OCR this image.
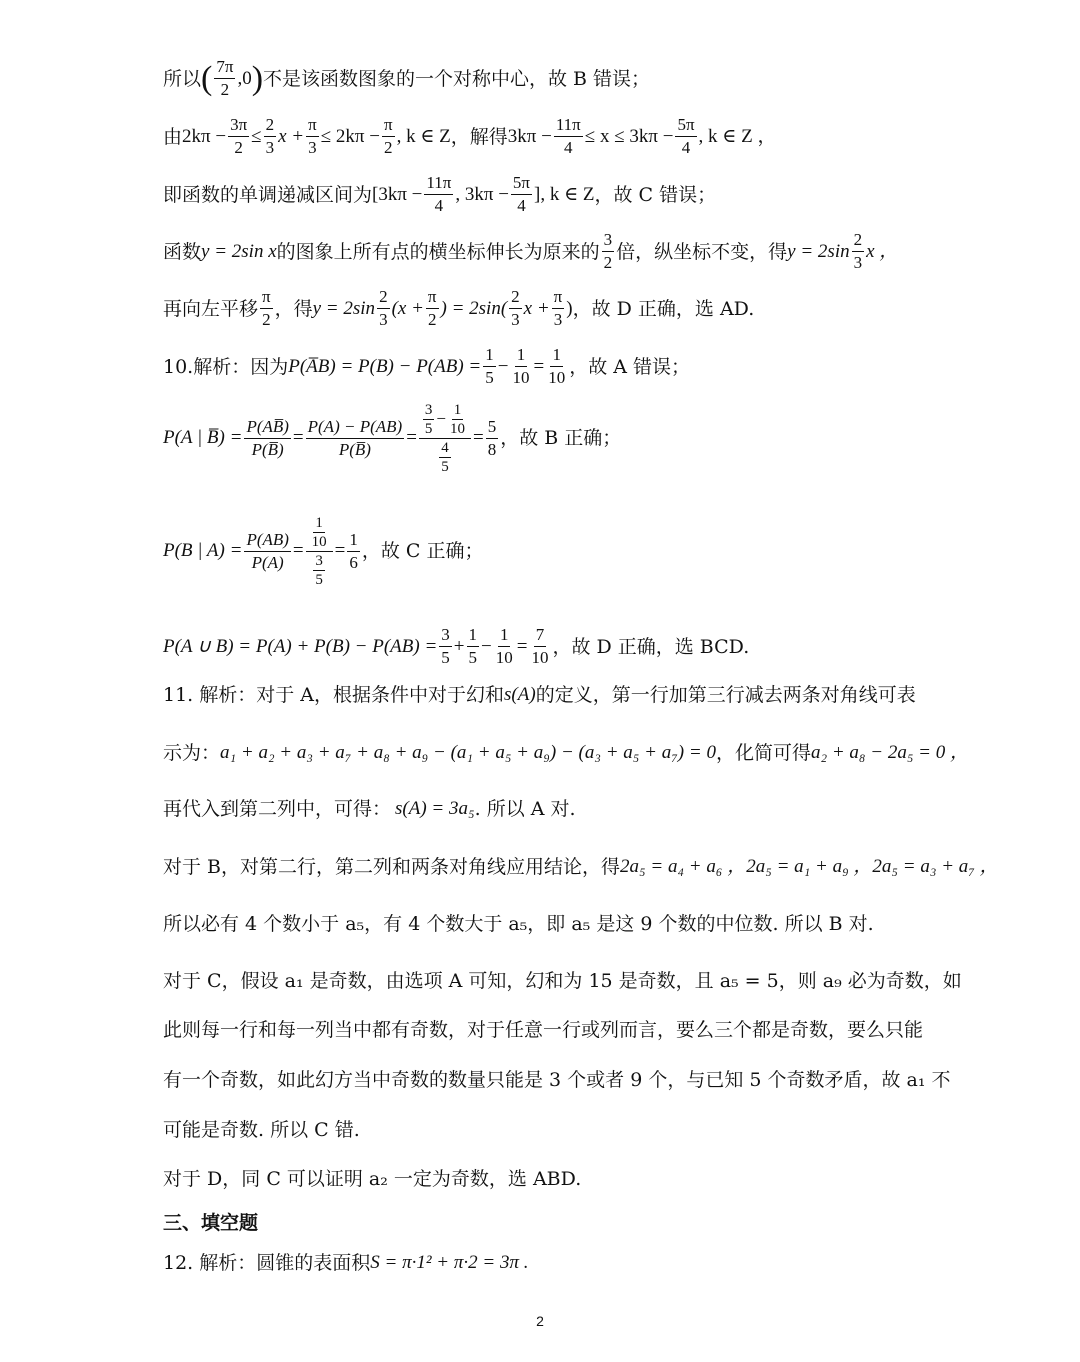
所以 ( $\frac{7\pi}{2} ,0$ ) 不是该函数图象的一个对称中心，故 B 错误；
由 $2k\pi - \frac{3\pi}{2} \le \frac{2}{3}$ $x + \frac{\pi}{3} \le 2k\pi - \frac{\pi}{2}$ , k ∈ Z ，解得 $3k\pi - \frac{11\pi}{4} \le x \le 3k\pi - \frac{5\pi}{4}$ , k ∈ Z ，
即函数的单调递减区间为 [$3k\pi - \frac{11\pi}{4}$ , $3k\pi - \frac{5\pi}{4}$ ], k ∈ Z ，故 C 错误；
函数 y = 2sin x 的图象上所有点的横坐标伸长为原来的 $\frac{3}{2}$ 倍，纵坐标不变，得 $y = 2\sin \frac{2}{3}$ x ，
再向左平移 $\frac{\pi}{2}$ ，得 $y = 2\sin \frac{2}{3} (x + \frac{\pi}{2}$ ) = $2\sin( \frac{2}{3}$ $x + \frac{\pi}{3}$ ) ，故 D 正确，选 AD.
10.解析：因为 P(A̅B) = $P(B) - P(AB) = \frac{1}{5} - \frac{1}{10} = \frac{1}{10}$ ，故 A 错误；
P(A | B̅) = $\frac{P(AB̅)}{P(B̅)} = \frac{P(A) - P(AB)}{P(B̅)} = \frac{\frac{3}{5} - \frac{1}{10}}{\frac{4}{5}} = \frac{5}{8}$ ，故 B 正确；
P(B | $A) = \frac{P(AB)}{P(A)} = \frac{\frac{1}{10}}{\frac{3}{5}} = \frac{1}{6}$ ，故 C 正确；
P(A ∪ $B) = P(A) + P(B) - P(AB) = \frac{3}{5} + \frac{1}{5} - \frac{1}{10} = \frac{7}{10}$ ，故 D 正确，选 BCD.
11. 解析：对于 A，根据条件中对于幻和 s(A) 的定义，第一行加第三行减去两条对角线可表
示为： a₁ + a₂ + a₃ + a₇ + a₈ + a₉ − (a₁ + a₅ + a₉) − (a₃ + a₅ + a₇) = 0 ，化简可得 a₂ + a₈ − 2a₅ = 0 ，
再代入到第二列中，可得： s(A) = 3a₅ . 所以 A 对.
对于 B，对第二行，第二列和两条对角线应用结论，得 2a₅ = a₄ + a₆ ，2a₅ = a₁ + a₉ ，2a₅ = a₃ + a₇ ，
所以必有 4 个数小于 a₅，有 4 个数大于 a₅，即 a₅ 是这 9 个数的中位数. 所以 B 对.
对于 C，假设 a₁ 是奇数，由选项 A 可知，幻和为 15 是奇数，且 a₅ = 5，则 a₉ 必为奇数，如
此则每一行和每一列当中都有奇数，对于任意一行或列而言，要么三个都是奇数，要么只能
有一个奇数，如此幻方当中奇数的数量只能是 3 个或者 9 个，与已知 5 个奇数矛盾，故 a₁ 不
可能是奇数. 所以 C 错.
对于 D，同 C 可以证明 a₂ 一定为奇数，选 ABD.
三、填空题
12. 解析：圆锥的表面积 S = π·1² + π·2 = 3π .
2
